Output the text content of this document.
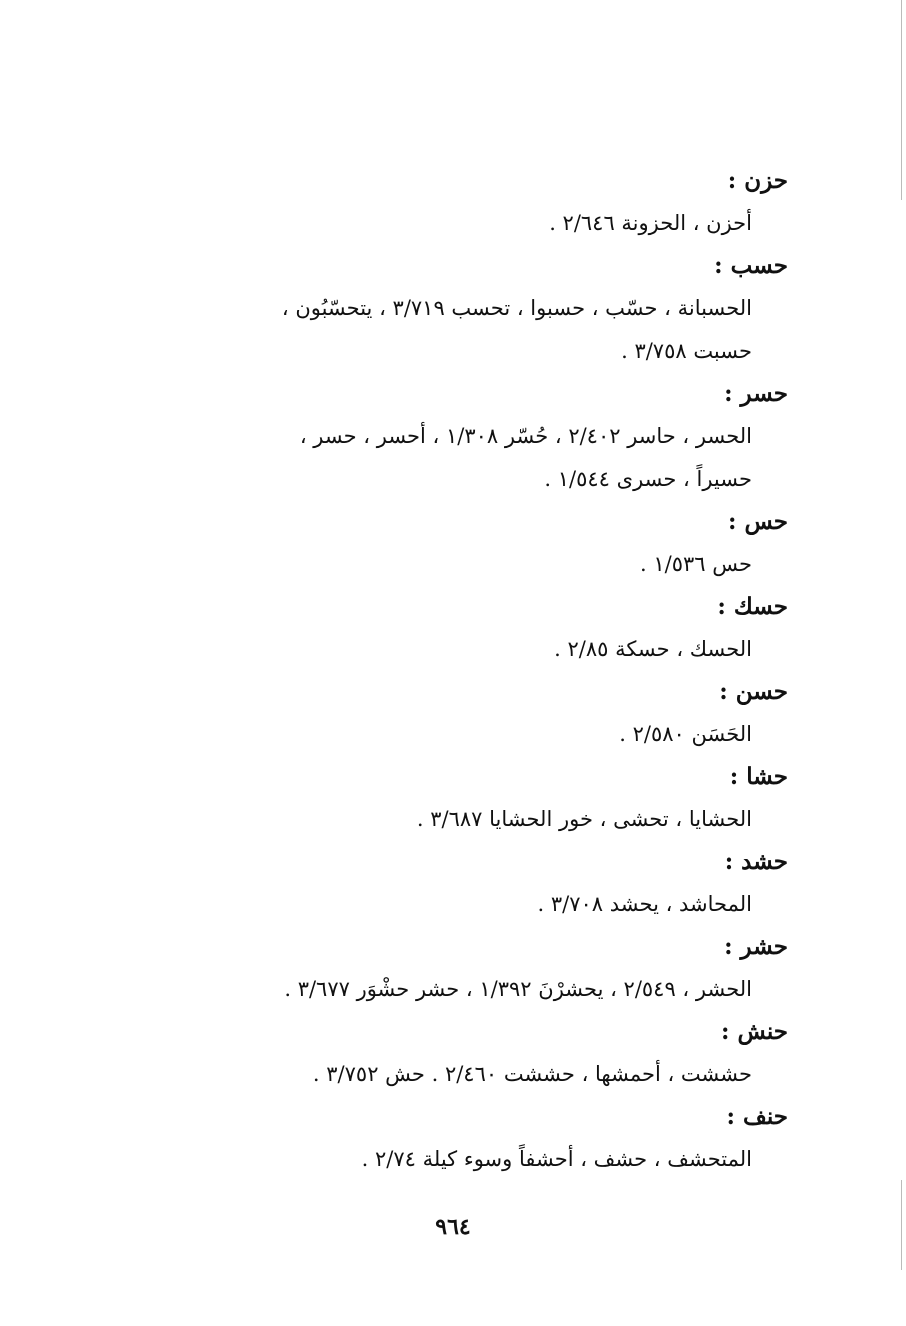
حزن :
أحزن ، الحزونة ٢/٦٤٦ .
حسب :
الحسبانة ، حسّب ، حسبوا ، تحسب ٣/٧١٩ ، يتحسّبُون ،
حسبت ٣/٧٥٨ .
حسر :
الحسر ، حاسر ٢/٤٠٢ ، حُسّر ١/٣٠٨ ، أحسر ، حسر ،
حسيراً ، حسرى ١/٥٤٤ .
حس :
حس ١/٥٣٦ .
حسك :
الحسك ، حسكة ٢/٨٥ .
حسن :
الحَسَن ٢/٥٨٠ .
حشا :
الحشايا ، تحشى ، خور الحشايا ٣/٦٨٧ .
حشد :
المحاشد ، يحشد ٣/٧٠٨ .
حشر :
الحشر ، ٢/٥٤٩ ، يحشرْنَ ١/٣٩٢ ، حشر حشْوَر ٣/٦٧٧ .
حنش :
حششت ، أحمشها ، حششت ٢/٤٦٠ . حش ٣/٧٥٢ .
حنف :
المتحشف ، حشف ، أحشفاً وسوء كيلة ٢/٧٤ .
٩٦٤
